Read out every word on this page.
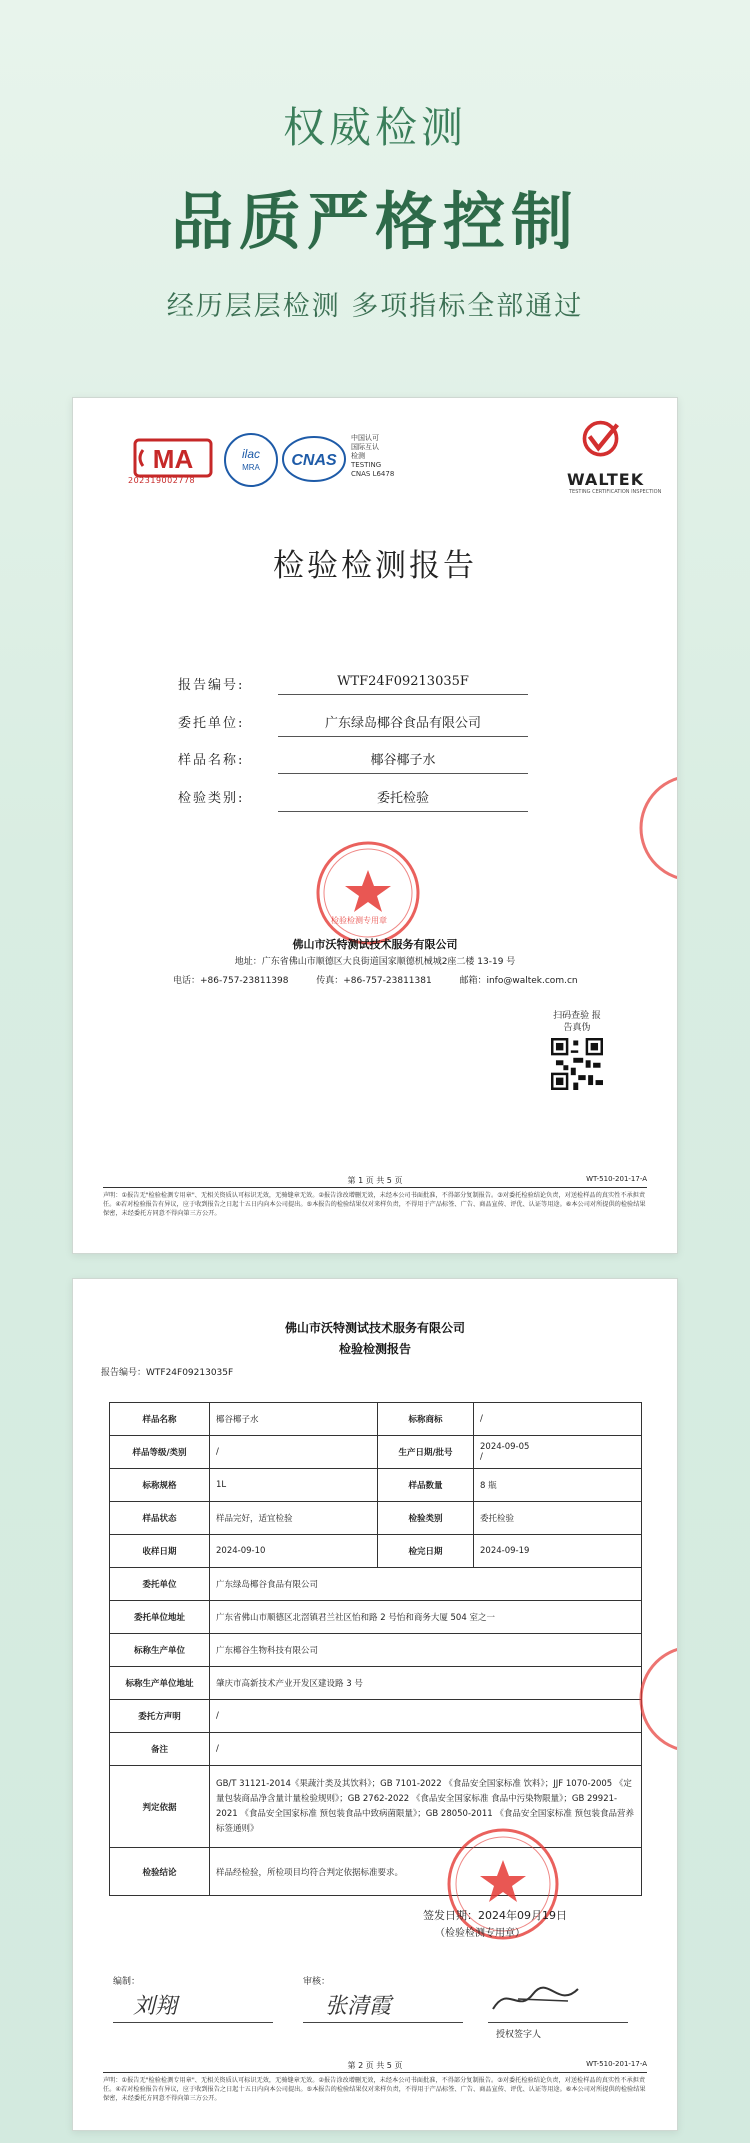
权威检测
品质严格控制
经历层层检测 多项指标全部通过
MA
2023190027​78
ilac
MRA CNAS
中国认可
国际互认
检测
TESTING
CNAS L6478	WALTEK
TESTING CERTIFICATION INSPECTION
检验检测报告
报告编号:	WTF24F09213035F
委托单位:	广东绿岛椰谷食品有限公司
样品名称:	椰谷椰子水
检验类别:	委托检验
检验检测专用章
佛山市沃特测试技术服务有限公司
地址：广东省佛山市顺德区大良街道国家顺德机械城2座二楼 13-19 号
电话：+86-757-23811398	传真：+86-757-23811381	邮箱：info@waltek.com.cn
扫码查验 报告真伪
第 1 页 共 5 页	WT-510-201-17-A
声明：①报告无"检验检测专用章"、无相关资质认可标识无效，无骑缝章无效。②报告涂改增删无效，未经本公司书面批准，不得部分复制报告。③对委托检验结论负责，对送检样品的真实性不承担责任。④若对检验报告有异议，应于收到报告之日起十五日内向本公司提出。⑤本报告的检验结果仅对来样负责，不得用于产品标签、广告、商品宣传、评优、认证等用途。⑥本公司对所提供的检验结果保密，未经委托方同意不得向第三方公开。
佛山市沃特测试技术服务有限公司
检验检测报告
报告编号：WTF24F09213035F
样品名称	椰谷椰子水	标称商标	/
样品等级/类别	/	生产日期/批号	2024-09-05
/
标称规格	1L	样品数量	8 瓶
样品状态	样品完好，适宜检验	检验类别	委托检验
收样日期	2024-09-10	检完日期	2024-09-19
委托单位	广东绿岛椰谷食品有限公司		
委托单位地址	广东省佛山市顺德区北滘镇君兰社区怡和路 2 号怡和商务大厦 504 室之一		
标称生产单位	广东椰谷生物科技有限公司		
标称生产单位地址	肇庆市高新技术产业开发区建设路 3 号		
委托方声明	/		
备注	/		
判定依据	GB/T 31121-2014《果蔬汁类及其饮料》；GB 7101-2022 《食品安全国家标准 饮料》；JJF 1070-2005 《定量包装商品净含量计量检验规则》；GB 2762-2022 《食品安全国家标准 食品中污染物限量》；GB 29921-2021 《食品安全国家标准 预包装食品中致病菌限量》；GB 28050-2011 《食品安全国家标准 预包装食品营养标签通则》		
检验结论	样品经检验，所检项目均符合判定依据标准要求。		
签发日期：2024年09月19日
（检验检测专用章）
编制：
刘翔
审核：
张清霞
授权签字人
第 2 页 共 5 页	WT-510-201-17-A
声明：①报告无"检验检测专用章"、无相关资质认可标识无效，无骑缝章无效。②报告涂改增删无效，未经本公司书面批准，不得部分复制报告。③对委托检验结论负责，对送检样品的真实性不承担责任。④若对检验报告有异议，应于收到报告之日起十五日内向本公司提出。⑤本报告的检验结果仅对来样负责，不得用于产品标签、广告、商品宣传、评优、认证等用途。⑥本公司对所提供的检验结果保密，未经委托方同意不得向第三方公开。
